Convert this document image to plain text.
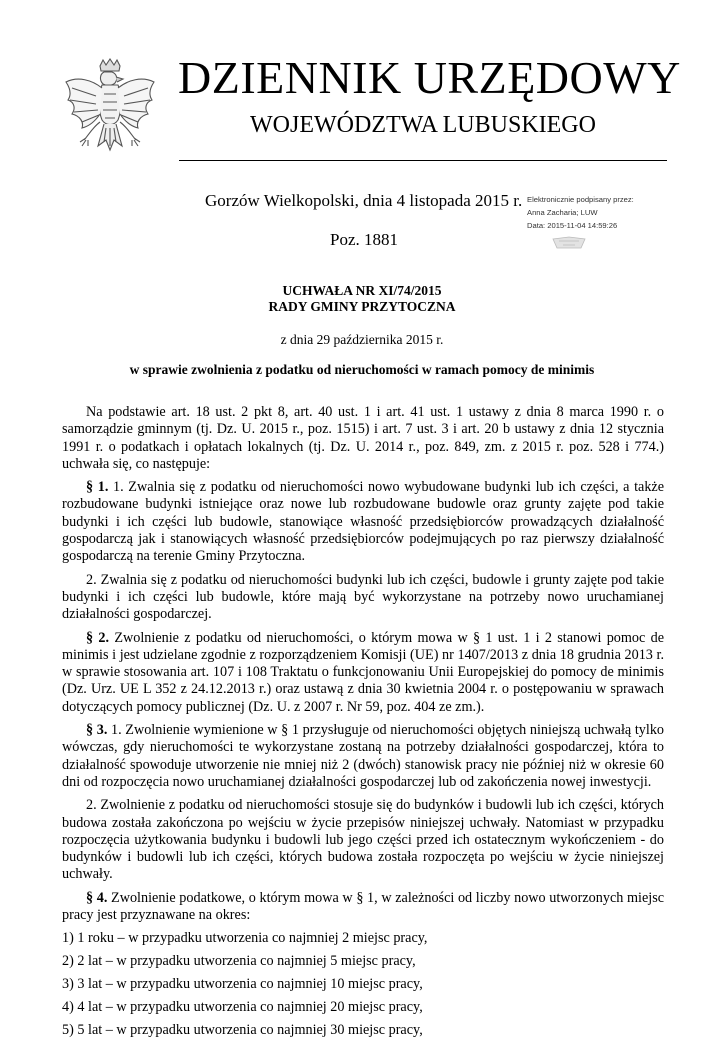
DZIENNIK URZĘDOWY
WOJEWÓDZTWA LUBUSKIEGO
Gorzów Wielkopolski, dnia 4 listopada 2015 r.
Poz. 1881
Elektronicznie podpisany przez:
Anna Zacharia; LUW
Data: 2015-11-04 14:59:26
UCHWAŁA NR XI/74/2015
RADY GMINY PRZYTOCZNA
z dnia 29 października 2015 r.
w sprawie zwolnienia z podatku od nieruchomości w ramach pomocy de minimis

Na podstawie art. 18 ust. 2 pkt 8, art. 40 ust. 1 i art. 41 ust. 1 ustawy z dnia 8 marca 1990 r. o samorządzie gminnym (tj. Dz. U. 2015 r., poz. 1515) i art. 7 ust. 3 i art. 20 b ustawy z dnia 12 stycznia 1991 r. o podatkach i opłatach lokalnych (tj. Dz. U. 2014 r., poz. 849, zm. z 2015 r. poz. 528 i 774.) uchwała się, co następuje:

§ 1. 1. Zwalnia się z podatku od nieruchomości nowo wybudowane budynki lub ich części, a także rozbudowane budynki istniejące oraz nowe lub rozbudowane budowle oraz grunty zajęte pod takie budynki i ich części lub budowle, stanowiące własność przedsiębiorców prowadzących działalność gospodarczą jak i stanowiących własność przedsiębiorców podejmujących po raz pierwszy działalność gospodarczą na terenie Gminy Przytoczna.

2. Zwalnia się z podatku od nieruchomości budynki lub ich części, budowle i grunty zajęte pod takie budynki i ich części lub budowle, które mają być wykorzystane na potrzeby nowo uruchamianej działalności gospodarczej.

§ 2. Zwolnienie z podatku od nieruchomości, o którym mowa w § 1 ust. 1 i 2 stanowi pomoc de minimis i jest udzielane zgodnie z rozporządzeniem Komisji (UE) nr 1407/2013 z dnia 18 grudnia 2013 r. w sprawie stosowania art. 107 i 108 Traktatu o funkcjonowaniu Unii Europejskiej do pomocy de minimis (Dz. Urz. UE L 352 z 24.12.2013 r.) oraz ustawą z dnia 30 kwietnia 2004 r. o postępowaniu w sprawach dotyczących pomocy publicznej (Dz. U. z 2007 r. Nr 59, poz. 404 ze zm.).

§ 3. 1. Zwolnienie wymienione w § 1 przysługuje od nieruchomości objętych niniejszą uchwałą tylko wówczas, gdy nieruchomości te wykorzystane zostaną na potrzeby działalności gospodarczej, która to działalność spowoduje utworzenie nie mniej niż 2 (dwóch) stanowisk pracy nie później niż w okresie 60 dni od rozpoczęcia nowo uruchamianej działalności gospodarczej lub od zakończenia nowej inwestycji.

2. Zwolnienie z podatku od nieruchomości stosuje się do budynków i budowli lub ich części, których budowa została zakończona po wejściu w życie przepisów niniejszej uchwały. Natomiast w przypadku rozpoczęcia użytkowania budynku i budowli lub jego części przed ich ostatecznym wykończeniem - do budynków i budowli lub ich części, których budowa została rozpoczęta po wejściu w życie niniejszej uchwały.

§ 4. Zwolnienie podatkowe, o którym mowa w § 1, w zależności od liczby nowo utworzonych miejsc pracy jest przyznawane na okres:

1) 1 roku – w przypadku utworzenia co najmniej 2 miejsc pracy,

2) 2 lat – w przypadku utworzenia co najmniej 5 miejsc pracy,

3) 3 lat – w przypadku utworzenia co najmniej 10 miejsc pracy,

4) 4 lat – w przypadku utworzenia co najmniej 20 miejsc pracy,

5) 5 lat – w przypadku utworzenia co najmniej 30 miejsc pracy,
